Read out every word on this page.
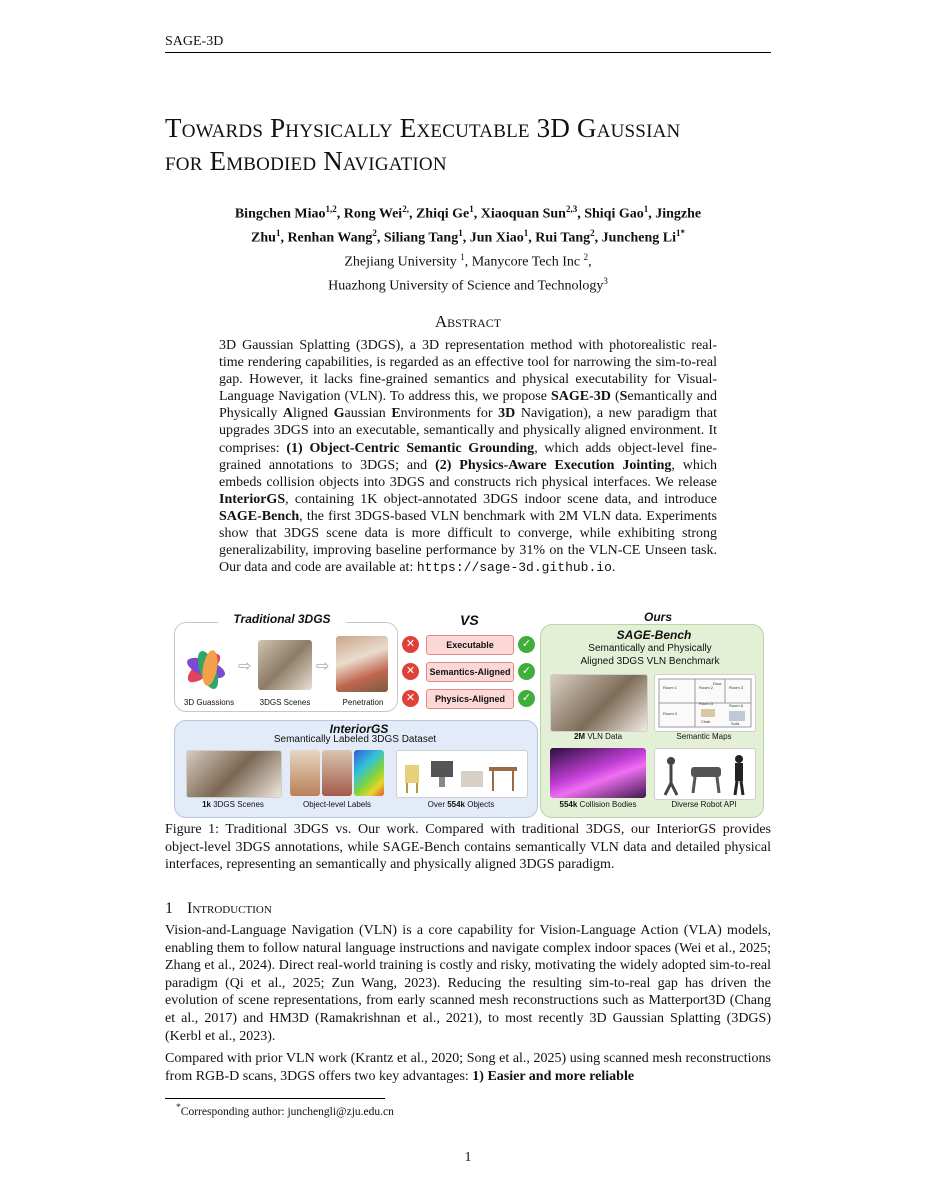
SAGE-3D
Towards Physically Executable 3D Gaussian
for Embodied Navigation
Bingchen Miao$^{1,2}$, Rong Wei$^{2,}$, Zhiqi Ge$^1$, Xiaoquan Sun$^{2,3}$, Shiqi Gao$^1$, Jingzhe
Zhu$^1$, Renhan Wang$^2$, Siliang Tang$^1$, Jun Xiao$^1$, Rui Tang$^2$, Juncheng $Li^{1*}$
Zhejiang University $^1$, Manycore Tech Inc $^2$,
Huazhong University of Science and Technology$^3$
Abstract
3D Gaussian Splatting (3DGS), a 3D representation method with photorealistic real-time rendering capabilities, is regarded as an effective tool for narrowing the sim-to-real gap. However, it lacks fine-grained semantics and physical executability for Visual-Language Navigation (VLN). To address this, we propose SAGE-3D (Semantically and Physically Aligned Gaussian Environments for 3D Navigation), a new paradigm that upgrades 3DGS into an executable, semantically and physically aligned environment. It comprises: (1) Object-Centric Semantic Grounding, which adds object-level fine-grained annotations to 3DGS; and (2) Physics-Aware Execution Jointing, which embeds collision objects into 3DGS and constructs rich physical interfaces. We release InteriorGS, containing 1K object-annotated 3DGS indoor scene data, and introduce SAGE-Bench, the first 3DGS-based VLN benchmark with 2M VLN data. Experiments show that 3DGS scene data is more difficult to converge, while exhibiting strong generalizability, improving baseline performance by 31% on the VLN-CE Unseen task. Our data and code are available at: https://sage-3d.github.io.
Traditional 3DGS
⇨	⇨
3D Guassions	3DGS Scenes	Penetration
VS
✕	Executable	✓
✕	Semantics-Aligned	✓
✕	Physics-Aligned	✓
Ours
SAGE-Bench
Semantically and Physically
Aligned 3DGS VLN Benchmark
Room 1	Room 2	Room 3
Room 4
Room 5	Room 6
Door
Chair	Sofa
2M VLN Data	Semantic Maps
554k Collision Bodies	Diverse Robot API
InteriorGS
Semantically Labeled 3DGS Dataset
1k 3DGS Scenes	Object-level Labels	Over 554k Objects
Figure 1: Traditional 3DGS vs. Our work. Compared with traditional 3DGS, our InteriorGS provides object-level 3DGS annotations, while SAGE-Bench contains semantically VLN data and detailed physical interfaces, representing an semantically and physically aligned 3DGS paradigm.
1 Introduction
Vision-and-Language Navigation (VLN) is a core capability for Vision-Language Action (VLA) models, enabling them to follow natural language instructions and navigate complex indoor spaces (Wei et al., 2025; Zhang et al., 2024). Direct real-world training is costly and risky, motivating the widely adopted sim-to-real paradigm (Qi et al., 2025; Zun Wang, 2023). Reducing the resulting sim-to-real gap has driven the evolution of scene representations, from early scanned mesh reconstructions such as Matterport3D (Chang et al., 2017) and HM3D (Ramakrishnan et al., 2021), to most recently 3D Gaussian Splatting (3DGS) (Kerbl et al., 2023).
Compared with prior VLN work (Krantz et al., 2020; Song et al., 2025) using scanned mesh reconstructions from RGB-D scans, 3DGS offers two key advantages: 1) Easier and more reliable
*Corresponding author: junchengli@zju.edu.cn
1
